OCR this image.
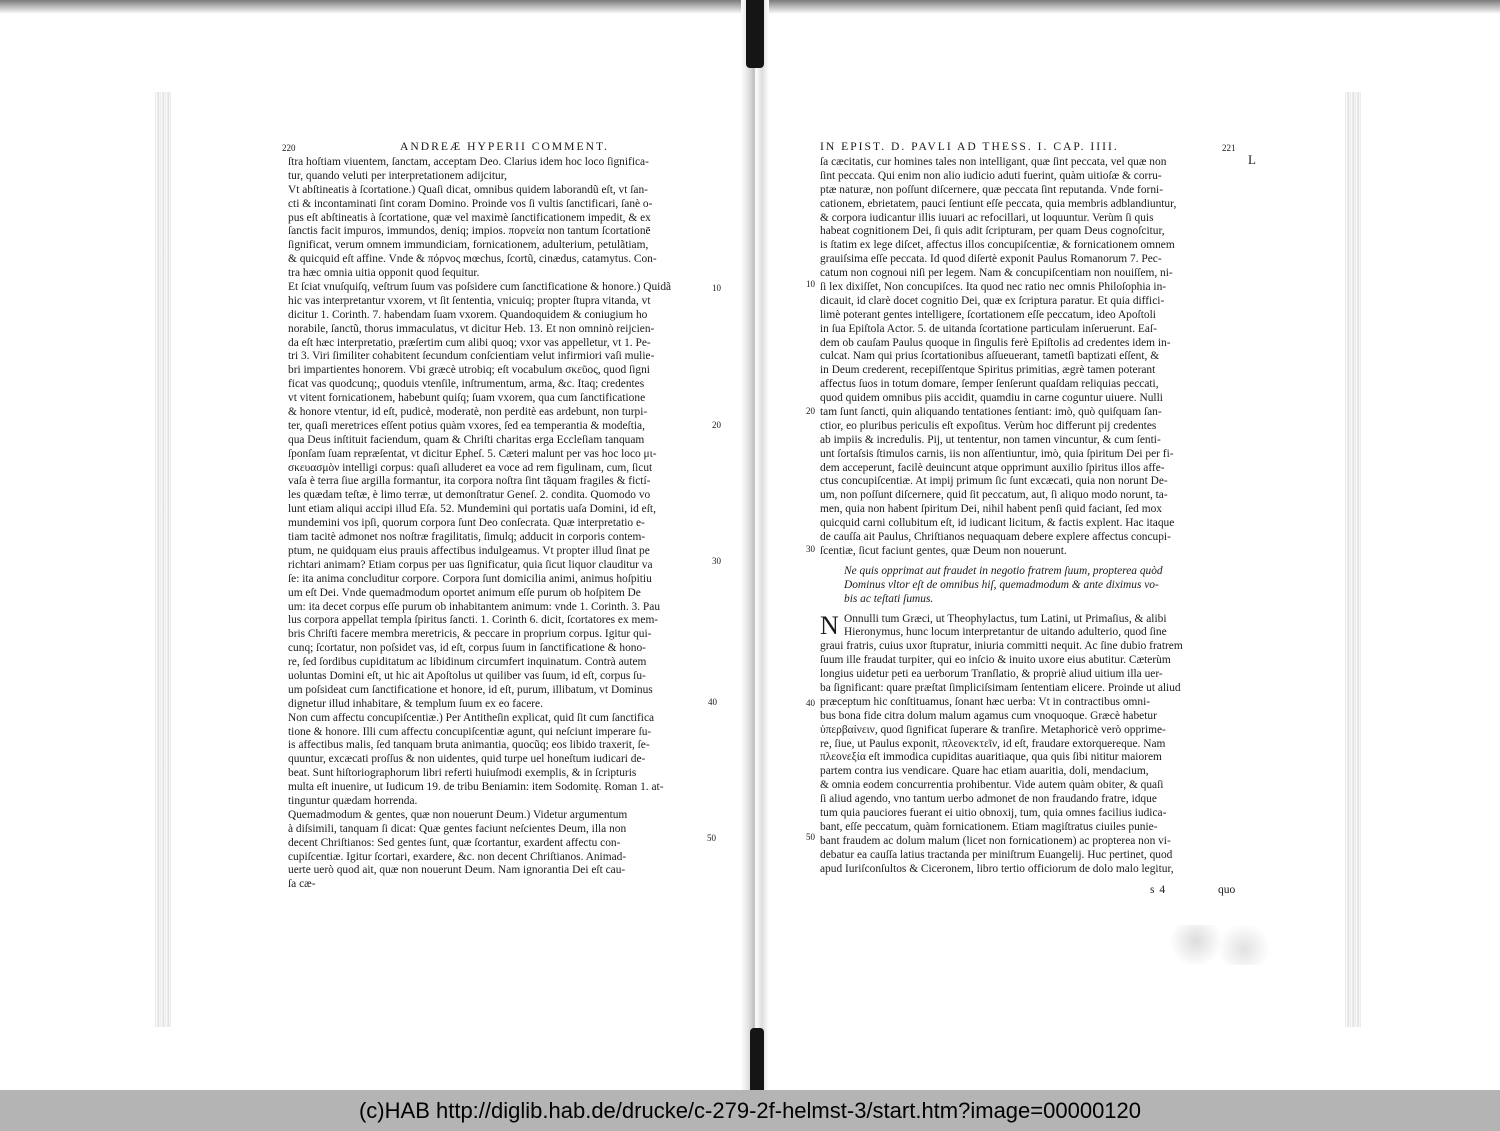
220	ANDREÆ HYPERII COMMENT.
ſtra hoſtiam viuentem, ſanctam, acceptam Deo. Clarius idem hoc loco ſignifica-
tur, quando veluti per interpretationem adijcitur,
Vt abſtineatis à ſcortatione.) Quaſi dicat, omnibus quidem laborandũ eſt, vt ſan-
cti & incontaminati ſint coram Domino. Proinde vos ſi vultis ſanctificari, ſanè o-
pus eſt abſtineatis à ſcortatione, quæ vel maximè ſanctificationem impedit, & ex
ſanctis facit impuros, immundos, deniq; impios. πορνεία non tantum ſcortationē
ſignificat, verum omnem immundiciam, fornicationem, adulterium, petulãtiam,
& quicquid eſt affine. Vnde & πόρνος mœchus, ſcortũ, cinædus, catamytus. Con-
tra hæc omnia uitia opponit quod ſequitur.
Et ſciat vnuſquiſq, veſtrum ſuum vas poſsidere cum ſanctificatione & honore.) Quidã
hic vas interpretantur vxorem, vt ſit ſententia, vnicuiq; propter ſtupra vitanda, vt
dicitur 1. Corinth. 7. habendam ſuam vxorem. Quandoquidem & coniugium ho
norabile, ſanctũ, thorus immaculatus, vt dicitur Heb. 13. Et non omninò reijcien-
da eſt hæc interpretatio, præſertim cum alibi quoq; vxor vas appelletur, vt 1. Pe-
tri 3. Viri ſimiliter cohabitent ſecundum conſcientiam velut infirmiori vaſi mulie-
bri impartientes honorem. Vbi græcè utrobiq; eſt vocabulum σκεῦος, quod ſigni
ficat vas quodcunq;, quoduis vtenſile, inſtrumentum, arma, &c. Itaq; credentes
vt vitent fornicationem, habebunt quiſq; ſuam vxorem, qua cum ſanctificatione
& honore vtentur, id eſt, pudicè, moderatè, non perditè eas ardebunt, non turpi-
ter, quaſi meretrices eſſent potius quàm vxores, ſed ea temperantia & modeſtia,
qua Deus inſtituit faciendum, quam & Chriſti charitas erga Eccleſiam tanquam
ſponſam ſuam repræſentat, vt dicitur Epheſ. 5. Cæteri malunt per vas hoc loco μι-
σκευασμὸν intelligi corpus: quaſi alluderet ea voce ad rem figulinam, cum, ſicut
vaſa è terra ſiue argilla formantur, ita corpora noſtra ſint tãquam fragiles & fictí-
les quædam teſtæ, è limo terræ, ut demonſtratur Geneſ. 2. condita. Quomodo vo
lunt etiam aliqui accipi illud Eſa. 52. Mundemini qui portatis uaſa Domini, id eſt,
mundemini vos ipſi, quorum corpora ſunt Deo conſecrata. Quæ interpretatio e-
tiam tacitè admonet nos noſtræ fragilitatis, ſimulq; adducit in corporis contem-
ptum, ne quidquam eius prauis affectibus indulgeamus. Vt propter illud ſinat pe
richtari animam? Etiam corpus per uas ſignificatur, quia ſicut liquor clauditur va
ſe: ita anima concluditur corpore. Corpora ſunt domicilia animi, animus hoſpitiu
um eſt Dei. Vnde quemadmodum oportet animum eſſe purum ob hoſpitem De
um: ita decet corpus eſſe purum ob inhabitantem animum: vnde 1. Corinth. 3. Pau
lus corpora appellat templa ſpiritus ſancti. 1. Corinth 6. dicit, ſcortatores ex mem-
bris Chriſti facere membra meretricis, & peccare in proprium corpus. Igitur qui-
cunq; ſcortatur, non poſsidet vas, id eſt, corpus ſuum in ſanctificatione & hono-
re, ſed ſordibus cupiditatum ac libidinum circumfert inquinatum. Contrà autem
uoluntas Domini eſt, ut hic ait Apoſtolus ut quiliber vas ſuum, id eſt, corpus ſu-
um poſsideat cum ſanctificatione et honore, id eſt, purum, illibatum, vt Dominus
dignetur illud inhabitare, & templum ſuum ex eo facere.
Non cum affectu concupiſcentiæ.) Per Antitheſin explicat, quid ſit cum ſanctifica
tione & honore. Illi cum affectu concupiſcentiæ agunt, qui neſciunt imperare ſu-
is affectibus malis, ſed tanquam bruta animantia, quocũq; eos libido traxerit, ſe-
quuntur, excæcati proſſus & non uidentes, quid turpe uel honeſtum iudicari de-
beat. Sunt hiſtoriographorum libri referti huiuſmodi exemplis, & in ſcripturis
multa eſt inuenire, ut Iudicum 19. de tribu Beniamin: item Sodomitę. Roman 1. at-
tinguntur quædam horrenda.
Quemadmodum & gentes, quæ non nouerunt Deum.) Videtur argumentum
à diſsimili, tanquam ſi dicat: Quæ gentes faciunt neſcientes Deum, illa non
decent Chriſtianos: Sed gentes ſunt, quæ ſcortantur, exardent affectu con-
cupiſcentiæ. Igitur ſcortari, exardere, &c. non decent Chriſtianos. Animad-
uerte uerò quod ait, quæ non nouerunt Deum. Nam ignorantia Dei eſt cau-
ſa cæ-
10
20
30
40
50
IN EPIST. D. PAVLI AD THESS. I. CAP. IIII.	221
ſa cæcitatis, cur homines tales non intelligant, quæ ſint peccata, vel quæ non
ſint peccata. Qui enim non alio iudicio aduti fuerint, quàm uitioſæ & corru-
ptæ naturæ, non poſſunt diſcernere, quæ peccata ſint reputanda. Vnde forni-
cationem, ebrietatem, pauci ſentiunt eſſe peccata, quia membris adblandiuntur,
& corpora iudicantur illis iuuari ac refocillari, ut loquuntur. Verùm ſi quis
habeat cognitionem Dei, ſi quis adit ſcripturam, per quam Deus cognoſcitur,
is ſtatim ex lege diſcet, affectus illos concupiſcentiæ, & fornicationem omnem
grauiſsima eſſe peccata. Id quod diſertè exponit Paulus Romanorum 7. Pec-
catum non cognoui niſi per legem. Nam & concupiſcentiam non nouiſſem, ni-
ſi lex dixiſſet, Non concupiſces. Ita quod nec ratio nec omnis Philoſophia in-
dicauit, id clarè docet cognitio Dei, quæ ex ſcriptura paratur. Et quia diffici-
limè poterant gentes intelligere, ſcortationem eſſe peccatum, ideo Apoſtoli
in ſua Epiſtola Actor. 5. de uitanda ſcortatione particulam inſeruerunt. Eaſ-
dem ob cauſam Paulus quoque in ſingulis ferè Epiſtolis ad credentes idem in-
culcat. Nam qui prius ſcortationibus aſſueuerant, tametſi baptizati eſſent, &
in Deum crederent, recepiſſentque Spiritus primitias, ægrè tamen poterant
affectus ſuos in totum domare, ſemper ſenſerunt quaſdam reliquias peccati,
quod quidem omnibus piis accidit, quamdiu in carne coguntur uiuere. Nulli
tam ſunt ſancti, quin aliquando tentationes ſentiant: imò, quò quiſquam ſan-
ctior, eo pluribus periculis eſt expoſitus. Verùm hoc differunt pij credentes
ab impiis & incredulis. Pij, ut tententur, non tamen vincuntur, & cum ſenti-
unt ſortaſsis ſtimulos carnis, iis non aſſentiuntur, imò, quia ſpiritum Dei per fi-
dem acceperunt, facilè deuincunt atque opprimunt auxilio ſpiritus illos affe-
ctus concupiſcentiæ. At impij primum ſic ſunt excæcati, quia non norunt De-
um, non poſſunt diſcernere, quid ſit peccatum, aut, ſi aliquo modo norunt, ta-
men, quia non habent ſpiritum Dei, nihil habent penſi quid faciant, ſed mox
quicquid carni collubitum eſt, id iudicant licitum, & factis explent. Hac itaque
de cauſſa ait Paulus, Chriſtianos nequaquam debere explere affectus concupi-
ſcentiæ, ſicut faciunt gentes, quæ Deum non nouerunt.
Ne quis opprimat aut fraudet in negotio fratrem ſuum, propterea quòd
Dominus vltor eſt de omnibus hiſ, quemadmodum & ante diximus vo-
bis ac teſtati ſumus.
N Onnulli tum Græci, ut Theophylactus, tum Latini, ut Primaſius, & alibi
Hieronymus, hunc locum interpretantur de uitando adulterio, quod ſine
graui fratris, cuius uxor ſtupratur, iniuria committi nequit. Ac ſine dubio fratrem
ſuum ille fraudat turpiter, qui eo inſcio & inuito uxore eius abutitur. Cæterùm
longius uidetur peti ea uerborum Tranſlatio, & propriè aliud uitium illa uer-
ba ſignificant: quare præſtat ſimpliciſsimam ſententiam elicere. Proinde ut aliud
præceptum hic conſtituamus, ſonant hæc uerba: Vt in contractibus omni-
bus bona fide citra dolum malum agamus cum vnoquoque. Græcè habetur
ὑπερβαίνειν, quod ſignificat ſuperare & tranſire. Metaphoricè verò opprime-
re, ſiue, ut Paulus exponit, πλεονεκτεῖν, id eſt, fraudare extorquereque. Nam
πλεονεξία eſt immodica cupiditas auaritiaque, qua quis ſibi nititur maiorem
partem contra ius vendicare. Quare hac etiam auaritia, doli, mendacium,
& omnia eodem concurrentia prohibentur. Vide autem quàm obiter, & quaſi
ſi aliud agendo, vno tantum uerbo admonet de non fraudando fratre, idque
tum quia pauciores fuerant ei uitio obnoxij, tum, quia omnes facilius iudica-
bant, eſſe peccatum, quàm fornicationem. Etiam magiſtratus ciuiles punie-
bant fraudem ac dolum malum (licet non fornicationem) ac propterea non vi-
debatur ea cauſſa latius tractanda per miniſtrum Euangelij. Huc pertinet, quod
apud Iuriſconſultos & Ciceronem, libro tertio officiorum de dolo malo legitur,
10
20
30
40
50
L
s 4	quo
(c)HAB http://diglib.hab.de/drucke/c-279-2f-helmst-3/start.htm?image=00000120
